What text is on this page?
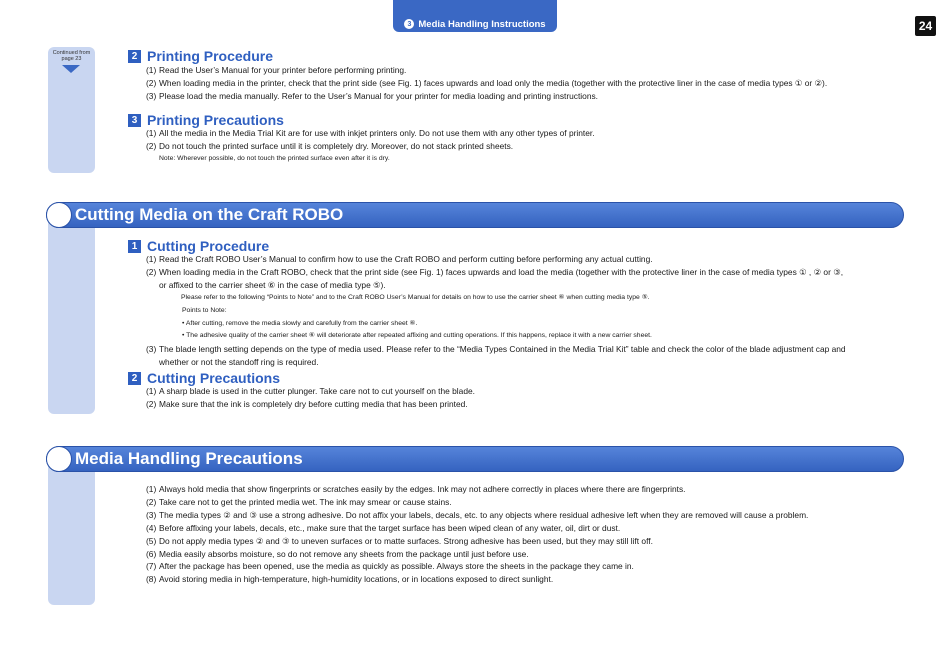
3 Media Handling Instructions	24
Continued from
page 23	2 Printing Procedure
(1) Read the User’s Manual for your printer before performing printing.
(2) When loading media in the printer, check that the print side (see Fig. 1) faces upwards and load only the media (together with the protective liner in the case of media types ① or ②).
(3) Please load the media manually. Refer to the User’s Manual for your printer for media loading and printing instructions.
3 Printing Precautions
(1) All the media in the Media Trial Kit are for use with inkjet printers only. Do not use them with any other types of printer.
(2) Do not touch the printed surface until it is completely dry. Moreover, do not stack printed sheets.
Note: Wherever possible, do not touch the printed surface even after it is dry.
Cutting Media on the Craft ROBO
1 Cutting Procedure
(1) Read the Craft ROBO User’s Manual to confirm how to use the Craft ROBO and perform cutting before performing any actual cutting.
(2) When loading media in the Craft ROBO, check that the print side (see Fig. 1) faces upwards and load the media (together with the protective liner in the case of media types ① , ② or ③,
or affixed to the carrier sheet ⑥ in the case of media type ⑤).
Please refer to the following “Points to Note” and to the Craft ROBO User’s Manual for details on how to use the carrier sheet ⑥ when cutting media type ⑤.
Points to Note:
• After cutting, remove the media slowly and carefully from the carrier sheet ⑥.
• The adhesive quality of the carrier sheet ⑥ will deteriorate after repeated affixing and cutting operations. If this happens, replace it with a new carrier sheet.
(3) The blade length setting depends on the type of media used. Please refer to the “Media Types Contained in the Media Trial Kit” table and check the color of the blade adjustment cap and
whether or not the standoff ring is required.
2 Cutting Precautions
(1) A sharp blade is used in the cutter plunger. Take care not to cut yourself on the blade.
(2) Make sure that the ink is completely dry before cutting media that has been printed.
Media Handling Precautions
(1) Always hold media that show fingerprints or scratches easily by the edges. Ink may not adhere correctly in places where there are fingerprints.
(2) Take care not to get the printed media wet. The ink may smear or cause stains.
(3) The media types ② and ③ use a strong adhesive. Do not affix your labels, decals, etc. to any objects where residual adhesive left when they are removed will cause a problem.
(4) Before affixing your labels, decals, etc., make sure that the target surface has been wiped clean of any water, oil, dirt or dust.
(5) Do not apply media types ② and ③ to uneven surfaces or to matte surfaces. Strong adhesive has been used, but they may still lift off.
(6) Media easily absorbs moisture, so do not remove any sheets from the package until just before use.
(7) After the package has been opened, use the media as quickly as possible. Always store the sheets in the package they came in.
(8) Avoid storing media in high-temperature, high-humidity locations, or in locations exposed to direct sunlight.
